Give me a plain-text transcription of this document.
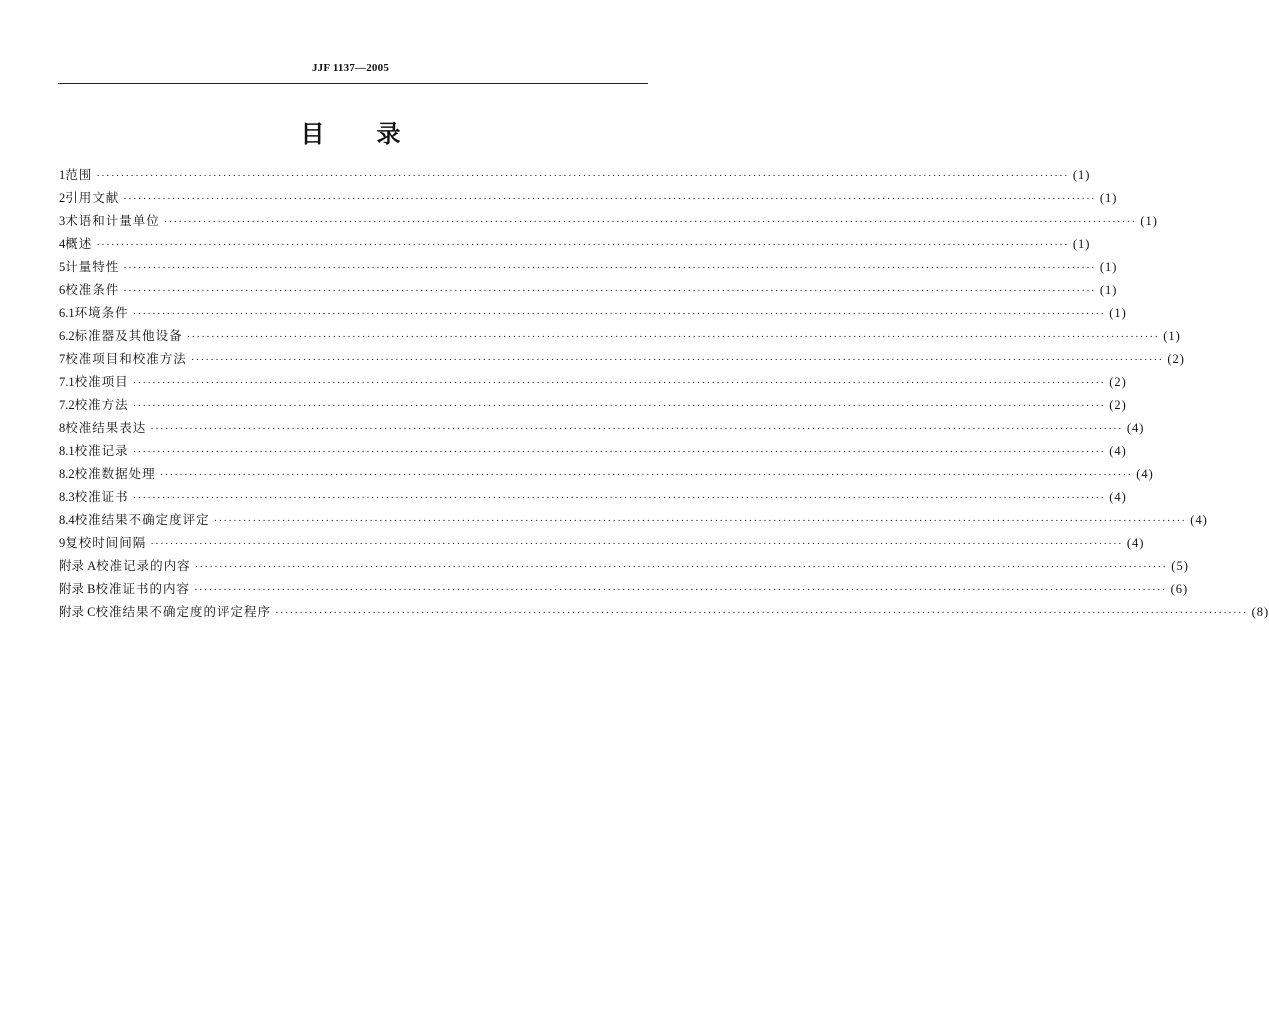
JJF 1137—2005
目 录
1 范围 ········································································································································································································ (1)
2 引用文献 ········································································································································································································ (1)
3 术语和计量单位 ········································································································································································································ (1)
4 概述 ········································································································································································································ (1)
5 计量特性 ········································································································································································································ (1)
6 校准条件 ········································································································································································································ (1)
6.1 环境条件 ········································································································································································································ (1)
6.2 标准器及其他设备 ········································································································································································································ (1)
7 校准项目和校准方法 ········································································································································································································ (2)
7.1 校准项目 ········································································································································································································ (2)
7.2 校准方法 ········································································································································································································ (2)
8 校准结果表达 ········································································································································································································ (4)
8.1 校准记录 ········································································································································································································ (4)
8.2 校准数据处理 ········································································································································································································ (4)
8.3 校准证书 ········································································································································································································ (4)
8.4 校准结果不确定度评定 ········································································································································································································ (4)
9 复校时间间隔 ········································································································································································································ (4)
附录 A 校准记录的内容 ········································································································································································································ (5)
附录 B 校准证书的内容 ········································································································································································································ (6)
附录 C 校准结果不确定度的评定程序 ········································································································································································································ (8)
